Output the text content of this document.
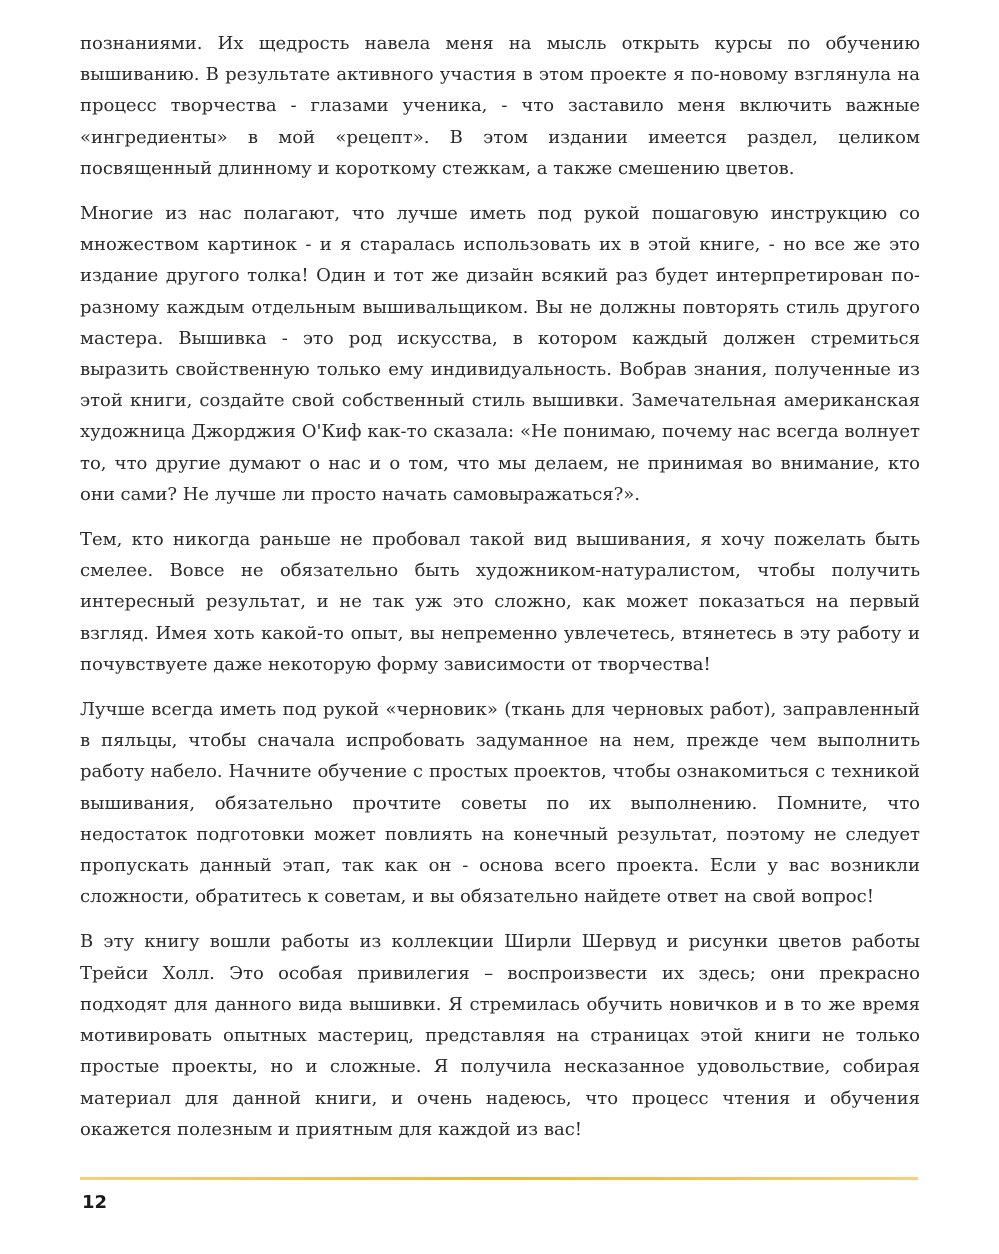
познаниями. Их щедрость навела меня на мысль открыть курсы по обучению вышиванию. В результате активного участия в этом проекте я по-новому взглянула на процесс творчества - глазами ученика, - что заставило меня включить важные «ингредиенты» в мой «рецепт». В этом издании имеется раздел, целиком посвященный длинному и короткому стежкам, а также смешению цветов.

Многие из нас полагают, что лучше иметь под рукой пошаговую инструкцию со множеством картинок - и я старалась использовать их в этой книге, - но все же это издание другого толка! Один и тот же дизайн всякий раз будет интерпретирован по-разному каждым отдельным вышивальщиком. Вы не должны повторять стиль другого мастера. Вышивка - это род искусства, в котором каждый должен стремиться выразить свойственную только ему индивидуальность. Вобрав знания, полученные из этой книги, создайте свой собственный стиль вышивки. Замечательная американская художница Джорджия О'Киф как-то сказала: «Не понимаю, почему нас всегда волнует то, что другие думают о нас и о том, что мы делаем, не принимая во внимание, кто они сами? Не лучше ли просто начать самовыражаться?».

Тем, кто никогда раньше не пробовал такой вид вышивания, я хочу пожелать быть смелее. Вовсе не обязательно быть художником-натуралистом, чтобы получить интересный результат, и не так уж это сложно, как может показаться на первый взгляд. Имея хоть какой-то опыт, вы непременно увлечетесь, втянетесь в эту работу и почувствуете даже некоторую форму зависимости от творчества!

Лучше всегда иметь под рукой «черновик» (ткань для черновых работ), заправленный в пяльцы, чтобы сначала испробовать задуманное на нем, прежде чем выполнить работу набело. Начните обучение с простых проектов, чтобы ознакомиться с техникой вышивания, обязательно прочтите советы по их выполнению. Помните, что недостаток подготовки может повлиять на конечный результат, поэтому не следует пропускать данный этап, так как он - основа всего проекта. Если у вас возникли сложности, обратитесь к советам, и вы обязательно найдете ответ на свой вопрос!

В эту книгу вошли работы из коллекции Ширли Шервуд и рисунки цветов работы Трейси Холл. Это особая привилегия – воспроизвести их здесь; они прекрасно подходят для данного вида вышивки. Я стремилась обучить новичков и в то же время мотивировать опытных мастериц, представляя на страницах этой книги не только простые проекты, но и сложные. Я получила несказанное удовольствие, собирая материал для данной книги, и очень надеюсь, что процесс чтения и обучения окажется полезным и приятным для каждой из вас!

12
